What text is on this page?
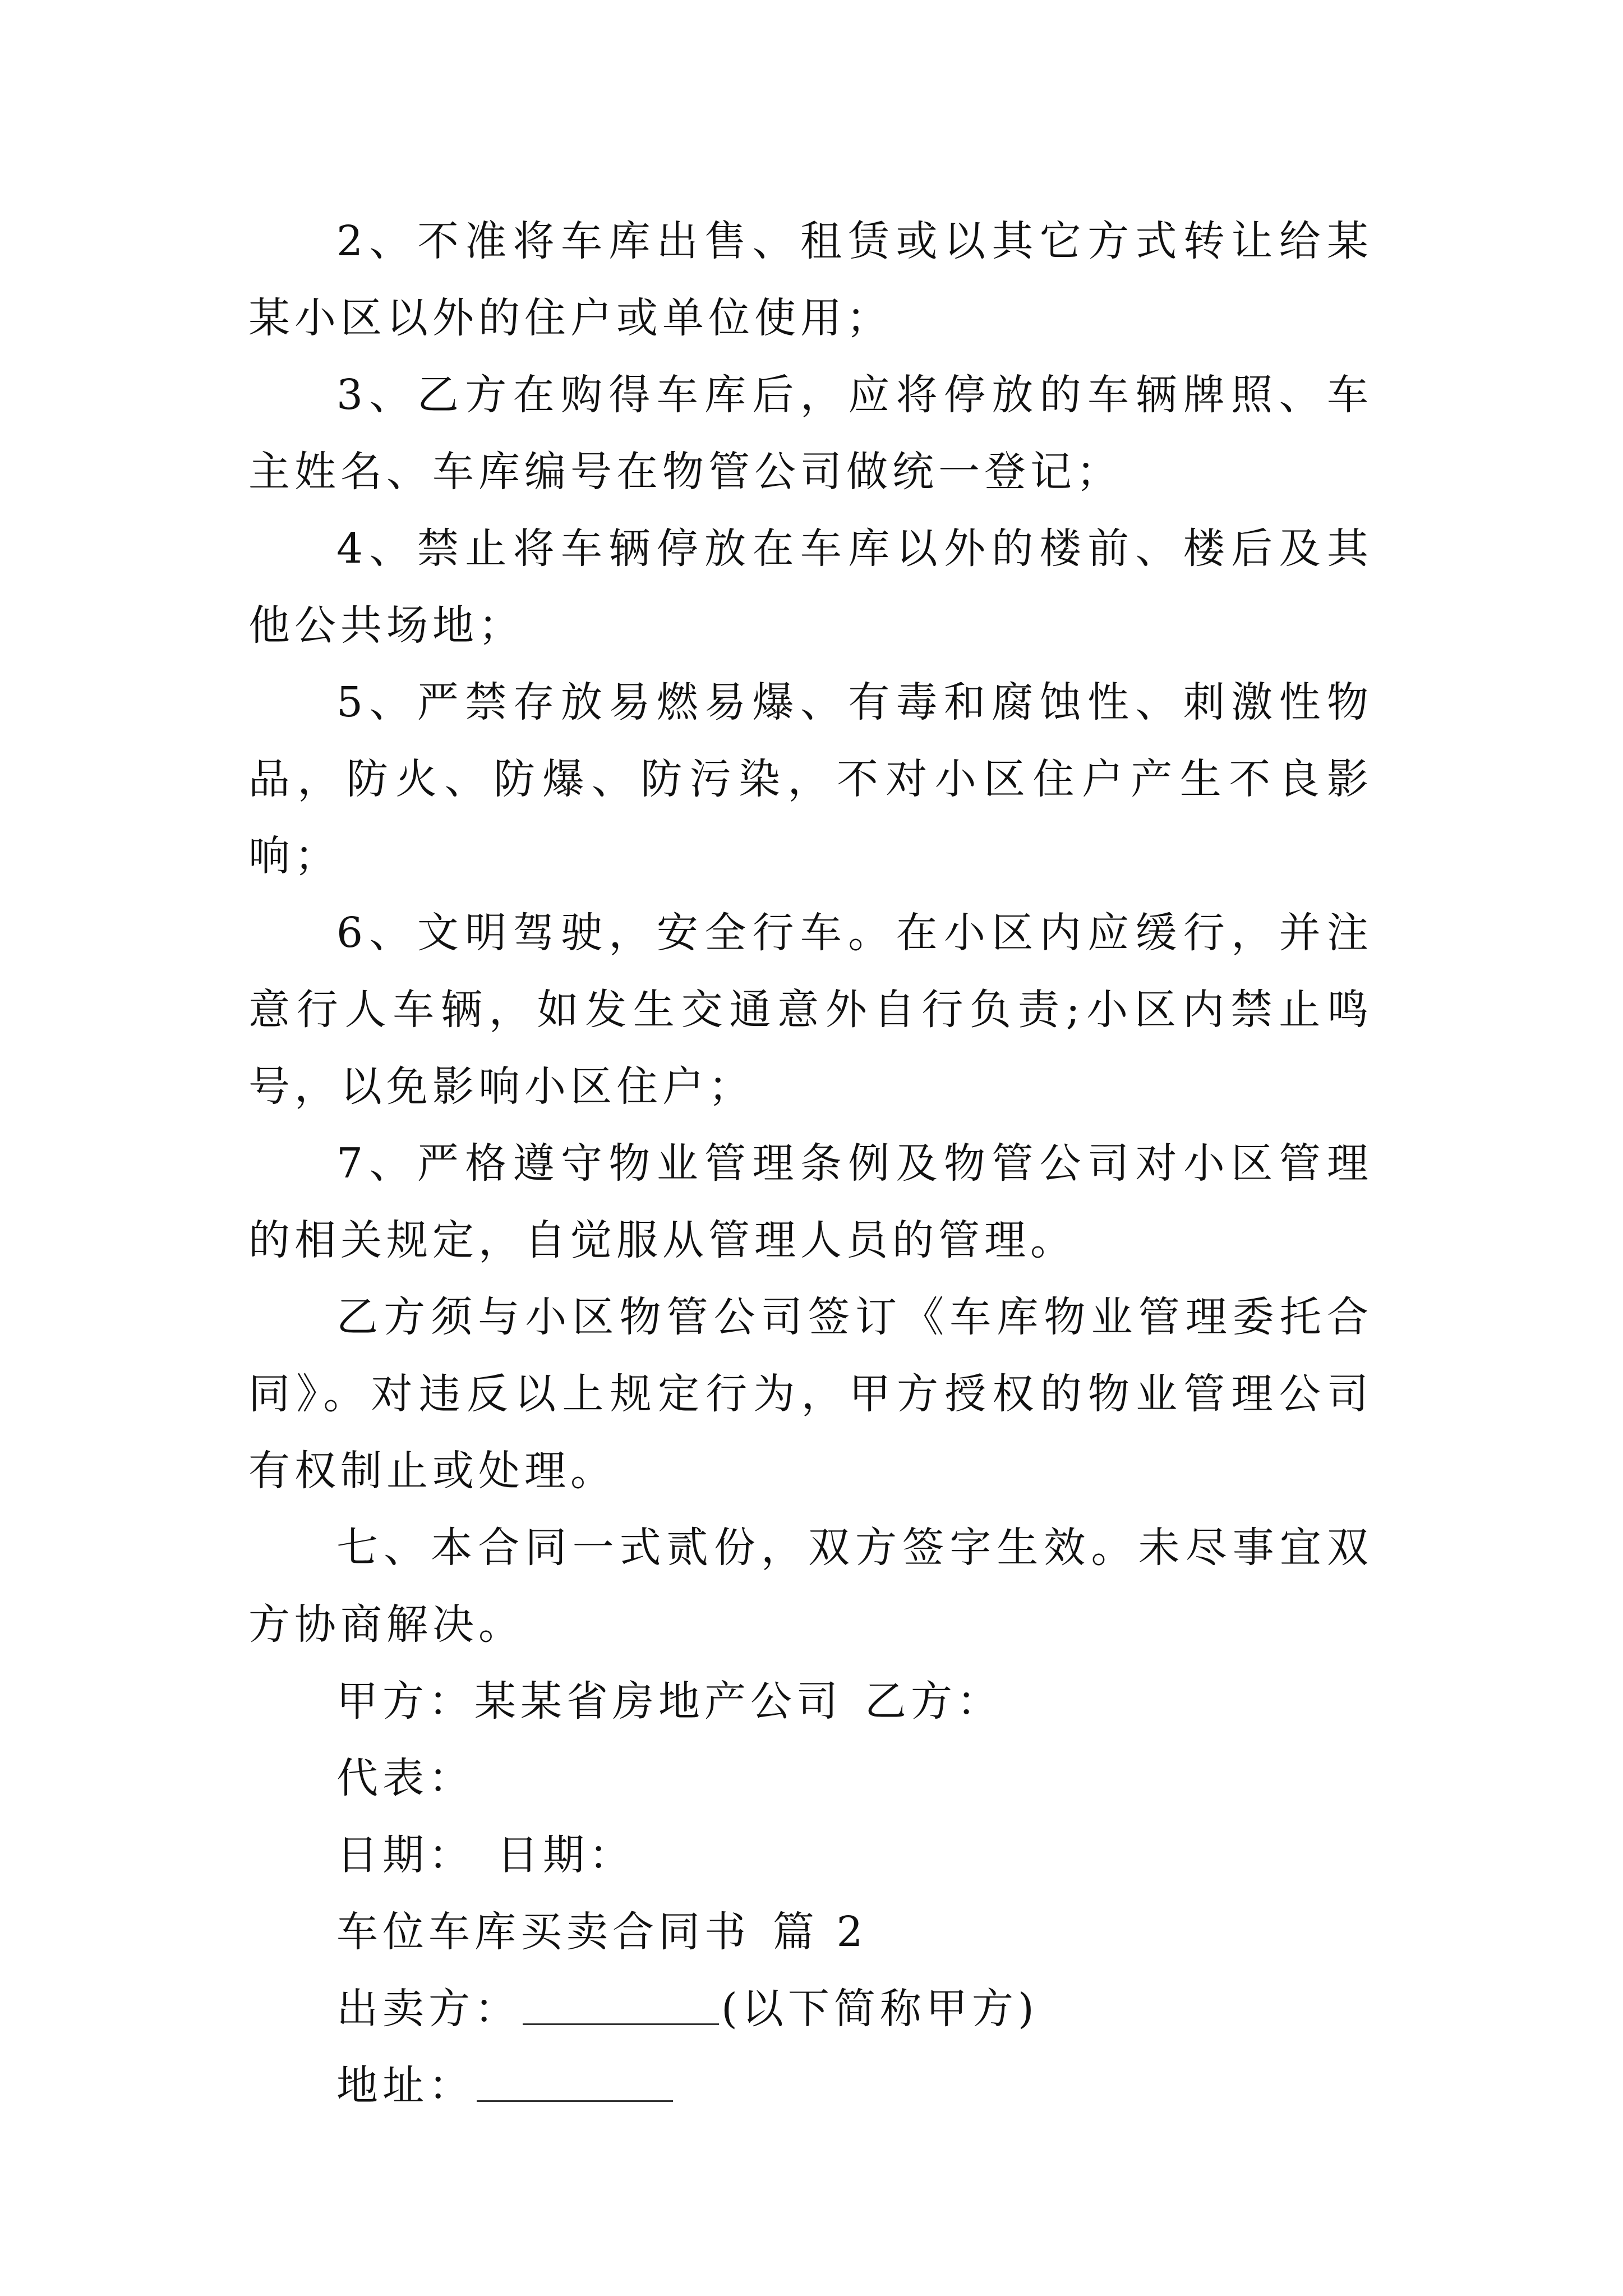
2、不准将车库出售、租赁或以其它方式转让给某某小区以外的住户或单位使用；

3、乙方在购得车库后，应将停放的车辆牌照、车主姓名、车库编号在物管公司做统一登记；

4、禁止将车辆停放在车库以外的楼前、楼后及其他公共场地；

5、严禁存放易燃易爆、有毒和腐蚀性、刺激性物品，防火、防爆、防污染，不对小区住户产生不良影响；

6、文明驾驶，安全行车。在小区内应缓行，并注意行人车辆，如发生交通意外自行负责;小区内禁止鸣号，以免影响小区住户；

7、严格遵守物业管理条例及物管公司对小区管理的相关规定，自觉服从管理人员的管理。

乙方须与小区物管公司签订《车库物业管理委托合同》。对违反以上规定行为，甲方授权的物业管理公司有权制止或处理。

七、本合同一式贰份，双方签字生效。未尽事宜双方协商解决。

甲方：某某省房地产公司 乙方：

代表：

日期： 日期：

车位车库买卖合同书 篇 2

出卖方：	(以下简称甲方)

地址：
